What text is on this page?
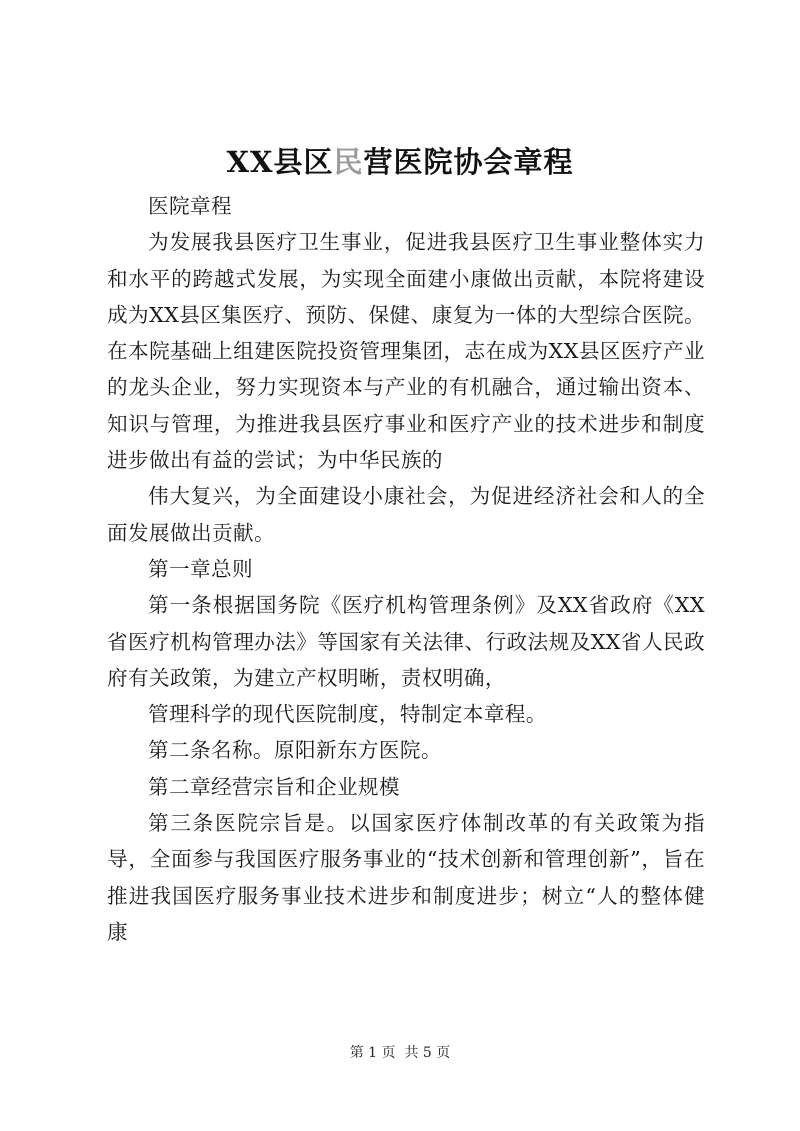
XX县区民营医院协会章程

医院章程

为发展我县医疗卫生事业，促进我县医疗卫生事业整体实力和水平的跨越式发展，为实现全面建小康做出贡献，本院将建设成为XX县区集医疗、预防、保健、康复为一体的大型综合医院。在本院基础上组建医院投资管理集团，志在成为XX县区医疗产业的龙头企业，努力实现资本与产业的有机融合，通过输出资本、知识与管理，为推进我县医疗事业和医疗产业的技术进步和制度进步做出有益的尝试；为中华民族的

伟大复兴，为全面建设小康社会，为促进经济社会和人的全面发展做出贡献。

第一章总则

第一条根据国务院《医疗机构管理条例》及XX省政府《XX省医疗机构管理办法》等国家有关法律、行政法规及XX省人民政府有关政策，为建立产权明晰，责权明确，

管理科学的现代医院制度，特制定本章程。

第二条名称。原阳新东方医院。

第二章经营宗旨和企业规模

第三条医院宗旨是。以国家医疗体制改革的有关政策为指导，全面参与我国医疗服务事业的“技术创新和管理创新”，旨在推进我国医疗服务事业技术进步和制度进步；树立“人的整体健康

第 1 页  共 5 页
